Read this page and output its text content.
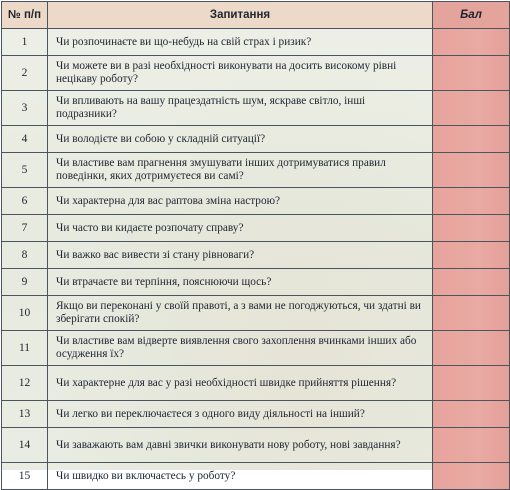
№ п/п	Запитання	Бал
1	Чи розпочинаєте ви що-небудь на свій страх і ризик?	
2	Чи можете ви в разі необхідності виконувати на досить високому рівні нецікаву роботу?	
3	Чи впливають на вашу працездатність шум, яскраве світло, інші подразники?	
4	Чи володієте ви собою у складній ситуації?	
5	Чи властиве вам прагнення змушувати інших дотримуватися правил поведінки, яких дотримуєтеся ви самі?	
6	Чи характерна для вас раптова зміна настрою?	
7	Чи часто ви кидаєте розпочату справу?	
8	Чи важко вас вивести зі стану рівноваги?	
9	Чи втрачаєте ви терпіння, пояснюючи щось?	
10	Якщо ви переконані у своїй правоті, а з вами не погоджуються, чи здатні ви зберігати спокій?	
11	Чи властиве вам відверте виявлення свого захоплення вчинками інших або осудження їх?	
12	Чи характерне для вас у разі необхідності швидке прийняття рішення?	
13	Чи легко ви переключаєтеся з одного виду діяльності на інший?	
14	Чи заважають вам давні звички виконувати нову роботу, нові завдання?	
15	Чи швидко ви включаєтесь у роботу?	
